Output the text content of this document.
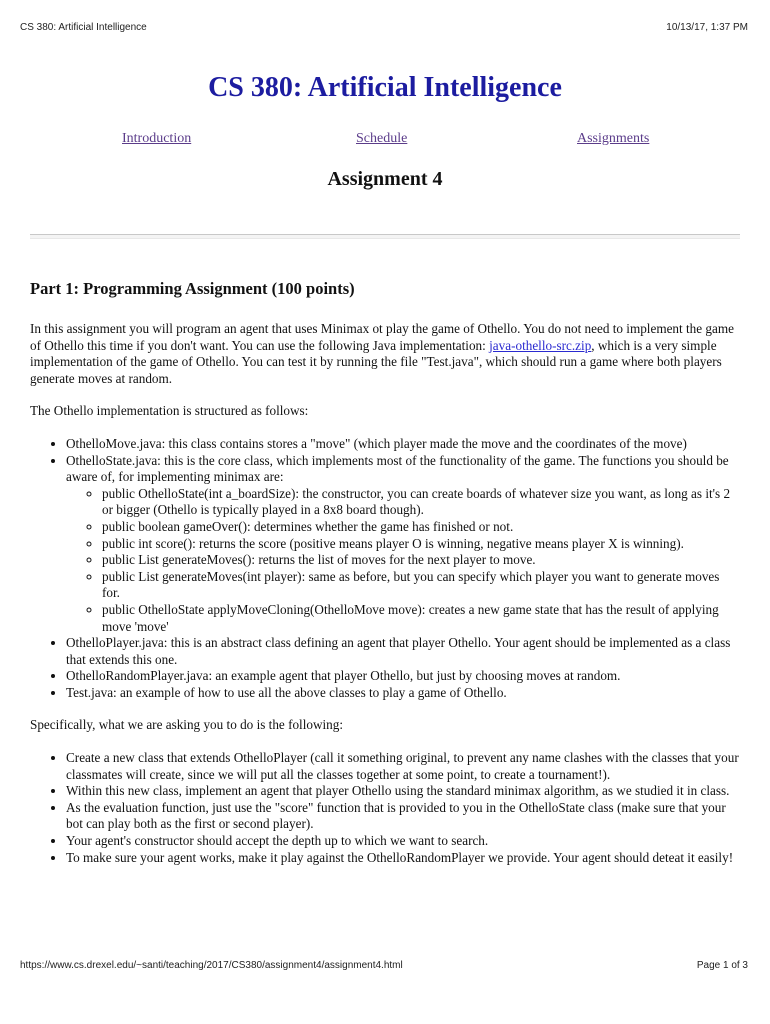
CS 380: Artificial Intelligence	10/13/17, 1:37 PM
CS 380: Artificial Intelligence
Introduction	Schedule	Assignments
Assignment 4
Part 1: Programming Assignment (100 points)

In this assignment you will program an agent that uses Minimax ot play the game of Othello. You do not need to implement the game of Othello this time if you don't want. You can use the following Java implementation: java-othello-src.zip, which is a very simple implementation of the game of Othello. You can test it by running the file "Test.java", which should run a game where both players generate moves at random.

The Othello implementation is structured as follows:

• OthelloMove.java: this class contains stores a "move" (which player made the move and the coordinates of the move)
• OthelloState.java: this is the core class, which implements most of the functionality of the game. The functions you should be aware of, for implementing minimax are:
◦ public OthelloState(int a_boardSize): the constructor, you can create boards of whatever size you want, as long as it's 2 or bigger (Othello is typically played in a 8x8 board though).
◦ public boolean gameOver(): determines whether the game has finished or not.
◦ public int score(): returns the score (positive means player O is winning, negative means player X is winning).
◦ public List generateMoves(): returns the list of moves for the next player to move.
◦ public List generateMoves(int player): same as before, but you can specify which player you want to generate moves for.
◦ public OthelloState applyMoveCloning(OthelloMove move): creates a new game state that has the result of applying move 'move'
• OthelloPlayer.java: this is an abstract class defining an agent that player Othello. Your agent should be implemented as a class that extends this one.
• OthelloRandomPlayer.java: an example agent that player Othello, but just by choosing moves at random.
• Test.java: an example of how to use all the above classes to play a game of Othello.

Specifically, what we are asking you to do is the following:

• Create a new class that extends OthelloPlayer (call it something original, to prevent any name clashes with the classes that your classmates will create, since we will put all the classes together at some point, to create a tournament!).
• Within this new class, implement an agent that player Othello using the standard minimax algorithm, as we studied it in class.
• As the evaluation function, just use the "score" function that is provided to you in the OthelloState class (make sure that your bot can play both as the first or second player).
• Your agent's constructor should accept the depth up to which we want to search.
• To make sure your agent works, make it play against the OthelloRandomPlayer we provide. Your agent should deteat it easily!
https://www.cs.drexel.edu/~santi/teaching/2017/CS380/assignment4/assignment4.html	Page 1 of 3
